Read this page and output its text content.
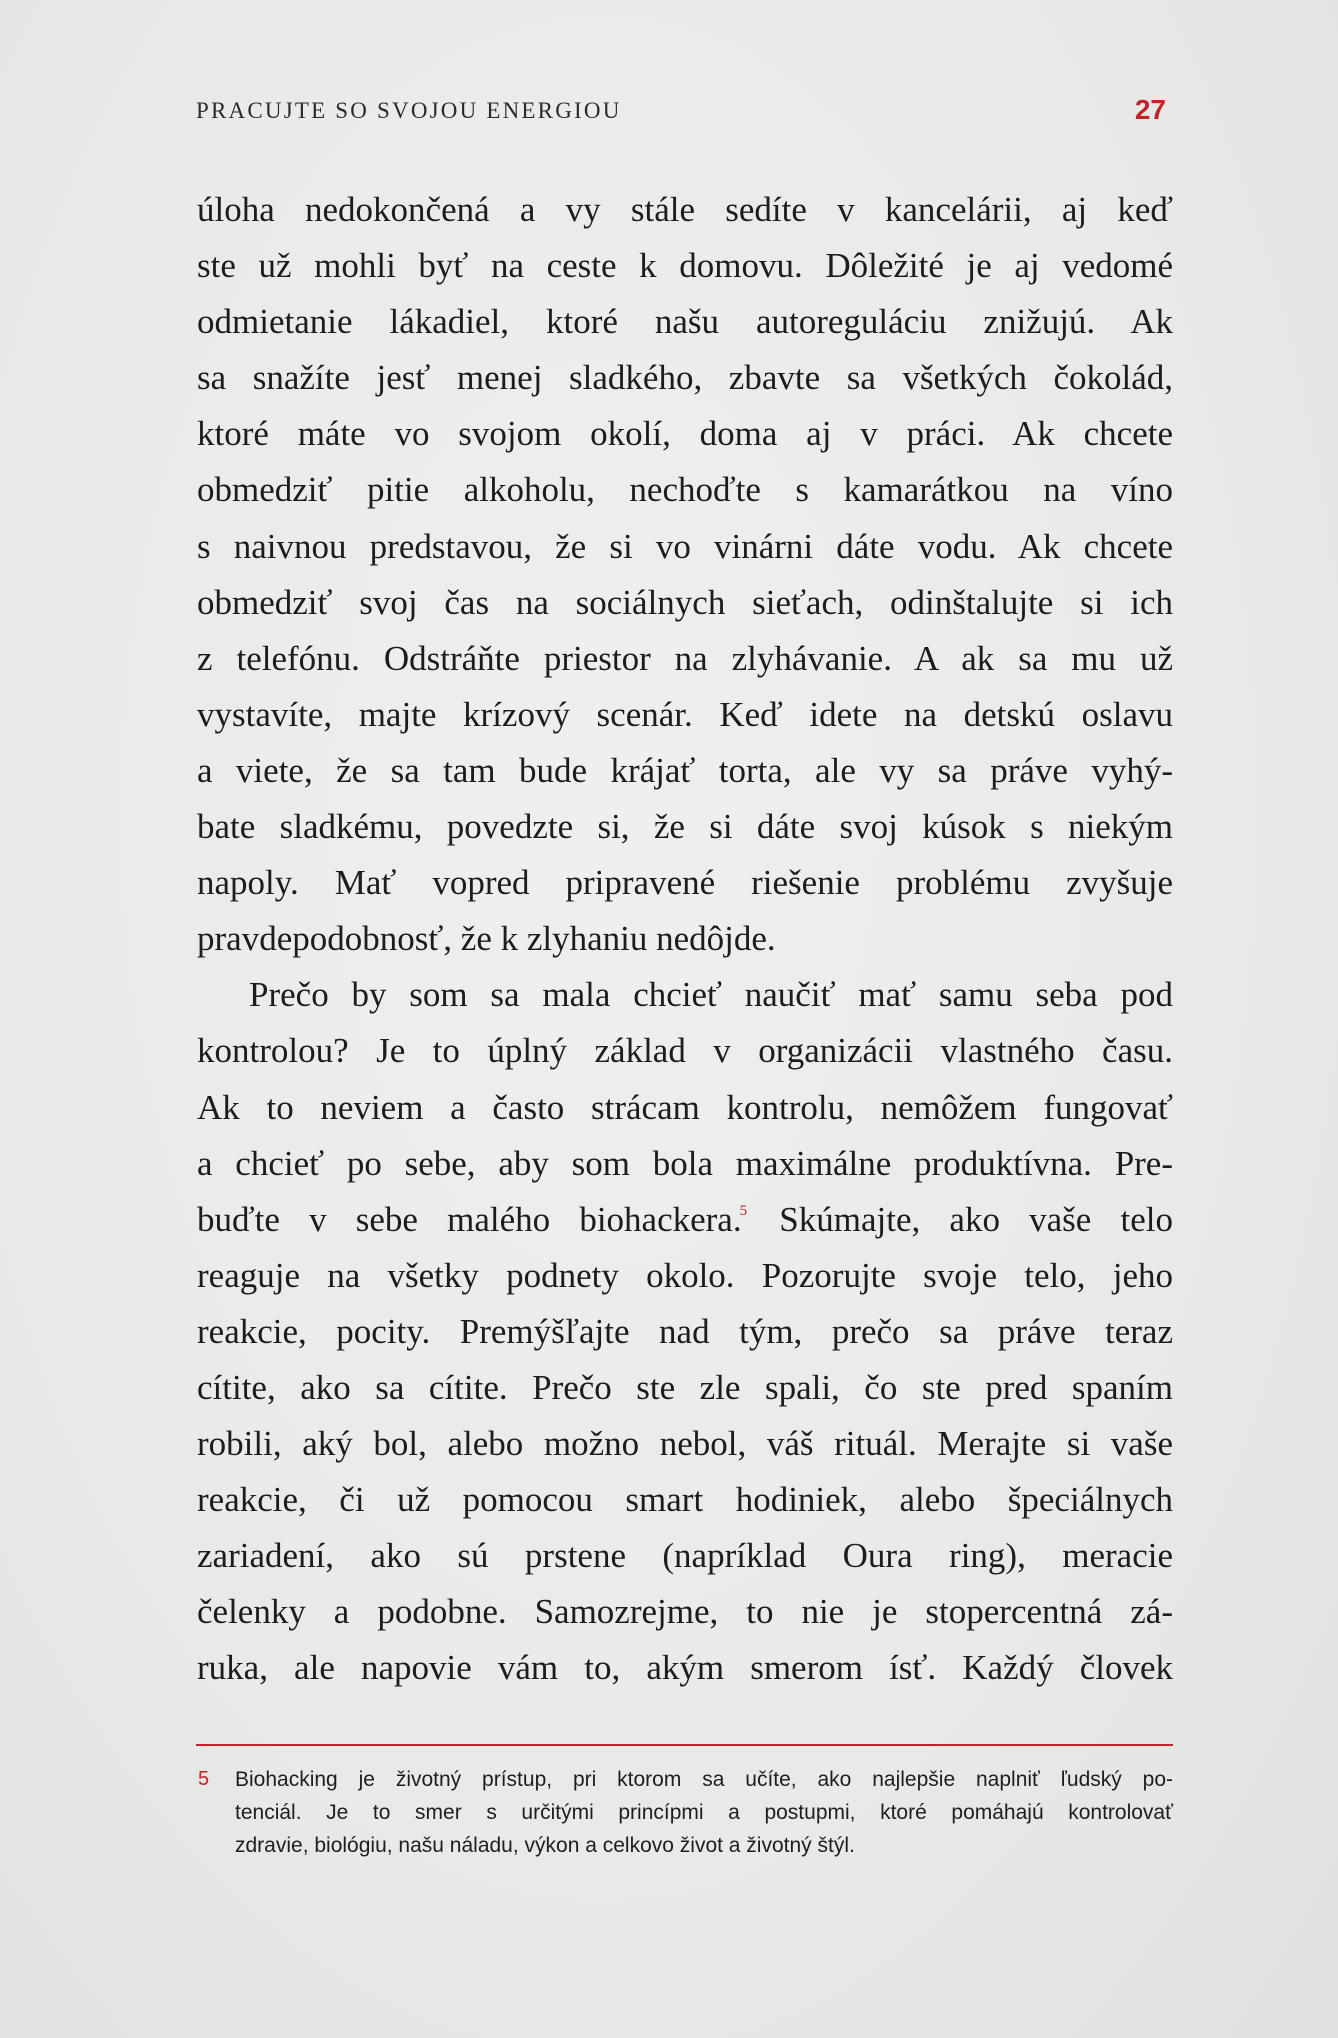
PRACUJTE SO SVOJOU ENERGIOU	27
úloha nedokončená a vy stále sedíte v kancelárii, aj keď
ste už mohli byť na ceste k domovu. Dôležité je aj vedomé
odmietanie lákadiel, ktoré našu autoreguláciu znižujú. Ak
sa snažíte jesť menej sladkého, zbavte sa všetkých čokolád,
ktoré máte vo svojom okolí, doma aj v práci. Ak chcete
obmedziť pitie alkoholu, nechoďte s kamarátkou na víno
s naivnou predstavou, že si vo vinárni dáte vodu. Ak chcete
obmedziť svoj čas na sociálnych sieťach, odinštalujte si ich
z telefónu. Odstráňte priestor na zlyhávanie. A ak sa mu už
vystavíte, majte krízový scenár. Keď idete na detskú oslavu
a viete, že sa tam bude krájať torta, ale vy sa práve vyhý-
bate sladkému, povedzte si, že si dáte svoj kúsok s niekým
napoly. Mať vopred pripravené riešenie problému zvyšuje
pravdepodobnosť, že k zlyhaniu nedôjde.
Prečo by som sa mala chcieť naučiť mať samu seba pod
kontrolou? Je to úplný základ v organizácii vlastného času.
Ak to neviem a často strácam kontrolu, nemôžem fungovať
a chcieť po sebe, aby som bola maximálne produktívna. Pre-
buďte v sebe malého biohackera.$^5$ Skúmajte, ako vaše telo
reaguje na všetky podnety okolo. Pozorujte svoje telo, jeho
reakcie, pocity. Premýšľajte nad tým, prečo sa práve teraz
cítite, ako sa cítite. Prečo ste zle spali, čo ste pred spaním
robili, aký bol, alebo možno nebol, váš rituál. Merajte si vaše
reakcie, či už pomocou smart hodiniek, alebo špeciálnych
zariadení, ako sú prstene (napríklad Oura ring), meracie
čelenky a podobne. Samozrejme, to nie je stopercentná zá-
ruka, ale napovie vám to, akým smerom ísť. Každý človek
5 Biohacking je životný prístup, pri ktorom sa učíte, ako najlepšie naplniť ľudský po-
tenciál. Je to smer s určitými princípmi a postupmi, ktoré pomáhajú kontrolovať
zdravie, biológiu, našu náladu, výkon a celkovo život a životný štýl.
